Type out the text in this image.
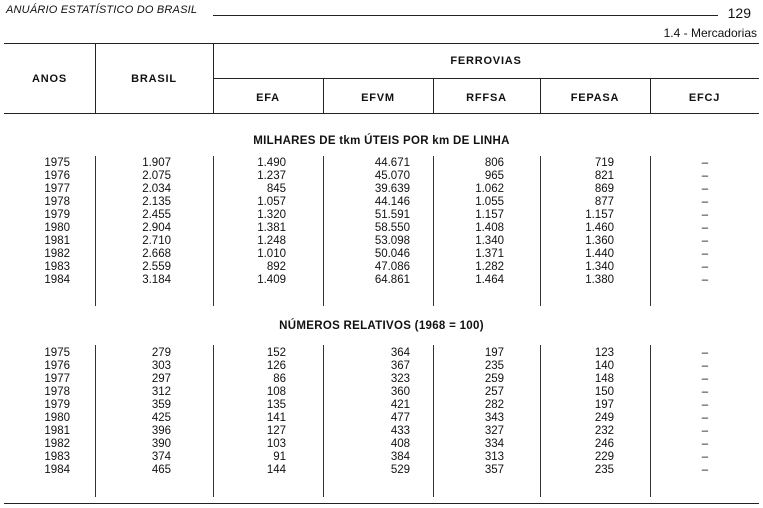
ANUÁRIO ESTATÍSTICO DO BRASIL	129
1.4 - Mercadorias
ANOS	BRASIL
FERROVIAS
EFA	EFVM	RFFSA	FEPASA	EFCJ
MILHARES DE tkm ÚTEIS POR km DE LINHA
NÚMEROS RELATIVOS (1968 = 100)
1975	1.907	1.490	44.671	806	719	–
1976	2.075	1.237	45.070	965	821	–
1977	2.034	845	39.639	1.062	869	–
1978	2.135	1.057	44.146	1.055	877	–
1979	2.455	1.320	51.591	1.157	1.157	–
1980	2.904	1.381	58.550	1.408	1.460	–
1981	2.710	1.248	53.098	1.340	1.360	–
1982	2.668	1.010	50.046	1.371	1.440	–
1983	2.559	892	47.086	1.282	1.340	–
1984	3.184	1.409	64.861	1.464	1.380	–
1975	279	152	364	197	123	–
1976	303	126	367	235	140	–
1977	297	86	323	259	148	–
1978	312	108	360	257	150	–
1979	359	135	421	282	197	–
1980	425	141	477	343	249	–
1981	396	127	433	327	232	–
1982	390	103	408	334	246	–
1983	374	91	384	313	229	–
1984	465	144	529	357	235	–
